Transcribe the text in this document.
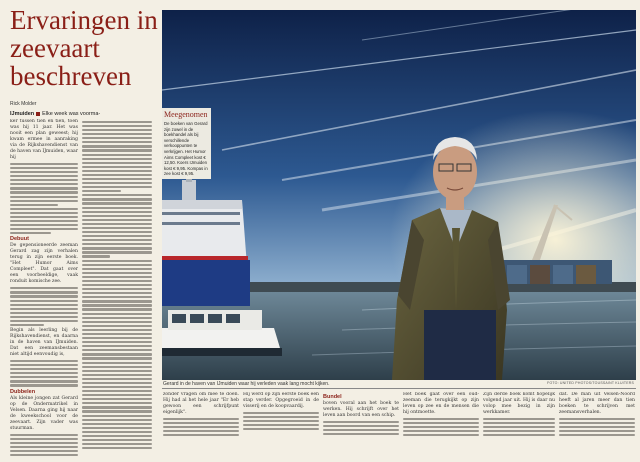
Ervaringen in zeevaart beschreven
Rick Molder
IJmuiden Elke week was voorma-

ker tussen tien en tien, toen was hij 11 jaar. Het was nooit een plan geweest; hij kwam ermee in aanraking via de Rijkshavendienst van de haven van IJmuiden, waar hij

Debuut

De gepensioneerde zeeman Gerard zag zijn verhalen terug in zijn eerste boek. "Het Humor Aims Compleet". Dat gaat over een voorbeeldige, vaak ronduit komische zee.

Begin als leerling bij de Rijkshavendienst, en daarna in de haven van IJmuiden. Dat een zeemansbestaan niet altijd eenvoudig is,

Dubbelen

Als kleine jongen zat Gerard op de Ondermatrikel in Velsen. Daarna ging hij naar de kweekschool voor de zeevaart. Zijn vader was stuurman.

Meegenomen
De boeken van Gerard zijn zowel in de boekhandel als bij verschillende verkooppunten te verkrijgen. Het Humor Aims Compleet kost € 12,50. Koers IJmuiden kost € 9,95. Kompas in zee kost € 9,95.
Gerard in de haven van IJmuiden waar hij verleden vaak lang mocht kijken.	FOTO: UNITED PHOTOS/TOUSSAINT KLUITERS

zonder vragen om mee te doen. Hij had al het hele jaar "Er heb gewoon een schrijfpunt eigenlijk".

Hij werd op zijn eerste boek een stap verder. Opgegroeid in de visserij en de koopvaardij.

Bundel

boven vooral aan het boek te werken. Hij schrijft over het leven aan boord van een schip.

Het boek gaat over een oud-zeeman die terugkijkt op zijn leven op zee en de mensen die hij ontmoette.

Zijn derde boek komt hopelijk volgend jaar uit. Hij is daar nu volop mee bezig in zijn werkkamer.

dat. De man uit Velsen-Noord heeft al jaren meer dan tien boeken te schrijven met zeemansverhalen.
